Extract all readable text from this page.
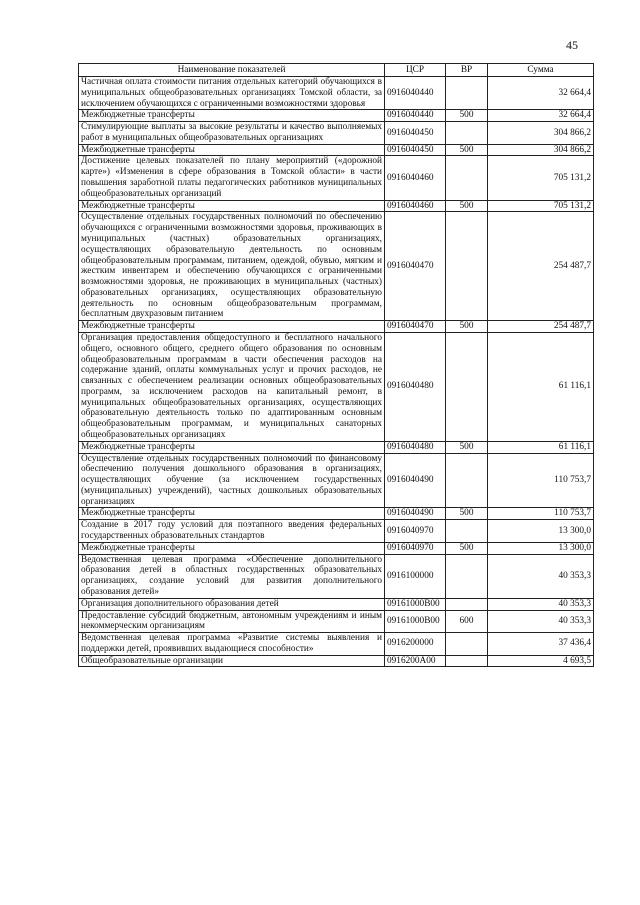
45
Наименование показателей	ЦСР	ВР	Сумма
Частичная оплата стоимости питания отдельных категорий обучающихся в муниципальных общеобразовательных организациях Томской области, за исключением обучающихся с ограниченными возможностями здоровья	0916040440		32 664,4
Межбюджетные трансферты	0916040440	500	32 664,4
Стимулирующие выплаты за высокие результаты и качество выполняемых работ в муниципальных общеобразовательных организациях	0916040450		304 866,2
Межбюджетные трансферты	0916040450	500	304 866,2
Достижение целевых показателей по плану мероприятий («дорожной карте») «Изменения в сфере образования в Томской области» в части повышения заработной платы педагогических работников муниципальных общеобразовательных организаций	0916040460		705 131,2
Межбюджетные трансферты	0916040460	500	705 131,2
Осуществление отдельных государственных полномочий по обеспечению обучающихся с ограниченными возможностями здоровья, проживающих в муниципальных (частных) образовательных организациях, осуществляющих образовательную деятельность по основным общеобразовательным программам, питанием, одеждой, обувью, мягким и жестким инвентарем и обеспечению обучающихся с ограниченными возможностями здоровья, не проживающих в муниципальных (частных) образовательных организациях, осуществляющих образовательную деятельность по основным общеобразовательным программам, бесплатным двухразовым питанием	0916040470		254 487,7
Межбюджетные трансферты	0916040470	500	254 487,7
Организация предоставления общедоступного и бесплатного начального общего, основного общего, среднего общего образования по основным общеобразовательным программам в части обеспечения расходов на содержание зданий, оплаты коммунальных услуг и прочих расходов, не связанных с обеспечением реализации основных общеобразовательных программ, за исключением расходов на капитальный ремонт, в муниципальных общеобразовательных организациях, осуществляющих образовательную деятельность только по адаптированным основным общеобразовательным программам, и муниципальных санаторных общеобразовательных организациях	0916040480		61 116,1
Межбюджетные трансферты	0916040480	500	61 116,1
Осуществление отдельных государственных полномочий по финансовому обеспечению получения дошкольного образования в организациях, осуществляющих обучение (за исключением государственных (муниципальных) учреждений), частных дошкольных образовательных организациях	0916040490		110 753,7
Межбюджетные трансферты	0916040490	500	110 753,7
Создание в 2017 году условий для поэтапного введения федеральных государственных образовательных стандартов	0916040970		13 300,0
Межбюджетные трансферты	0916040970	500	13 300,0
Ведомственная целевая программа «Обеспечение дополнительного образования детей в областных государственных образовательных организациях, создание условий для развития дополнительного образования детей»	0916100000		40 353,3
Организация дополнительного образования детей	09161000В00		40 353,3
Предоставление субсидий бюджетным, автономным учреждениям и иным некоммерческим организациям	09161000В00	600	40 353,3
Ведомственная целевая программа «Развитие системы выявления и поддержки детей, проявивших выдающиеся способности»	0916200000		37 436,4
Общеобразовательные организации	0916200А00		4 693,5
